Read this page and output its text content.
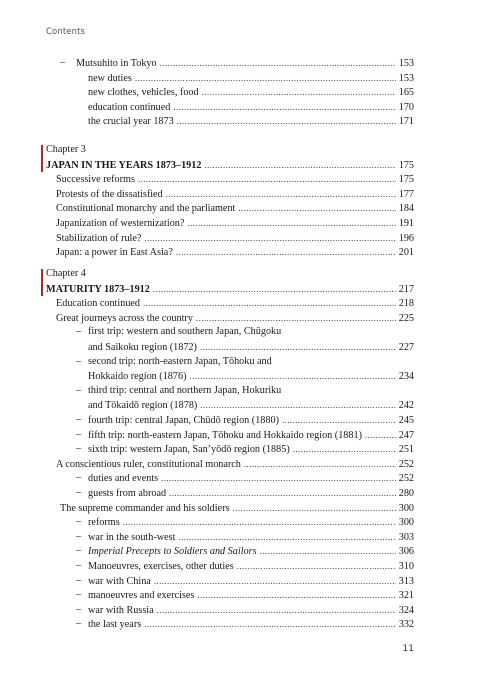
Contents
–	Mutsuhito in Tokyo .....	153
new duties .....	153
new clothes, vehicles, food .....	165
education continued .....	170
the crucial year 1873 .....	171
Chapter 3
JAPAN IN THE YEARS 1873–1912 .....	175
Successive reforms .....	175
Protests of the dissatisfied .....	177
Constitutional monarchy and the parliament .....	184
Japanization of westernization? .....	191
Stabilization of rule? .....	196
Japan: a power in East Asia? .....	201
Chapter 4
MATURITY 1873–1912 .....	217
Education continued .....	218
Great journeys across the country .....	225
– first trip: western and southern Japan, Chūgoku
and Saikoku region (1872) .....	227
– second trip: north-eastern Japan, Tōhoku and
Hokkaido region (1876) .....	234
– third trip: central and northern Japan, Hokuriku
and Tōkaidō region (1878) .....	242
– fourth trip: central Japan, Chūdō region (1880) .....	245
– fifth trip: north-eastern Japan, Tōhoku and Hokkaido region (1881) .....	247
– sixth trip: western Japan, San’yōdō region (1885) .....	251
A conscientious ruler, constitutional monarch .....	252
– duties and events .....	252
– guests from abroad .....	280
The supreme commander and his soldiers .....	300
– reforms .....	300
– war in the south-west .....	303
– Imperial Precepts to Soldiers and Sailors .....	306
– Manoeuvres, exercises, other duties .....	310
– war with China .....	313
– manoeuvres and exercises .....	321
– war with Russia .....	324
– the last years .....	332
11
